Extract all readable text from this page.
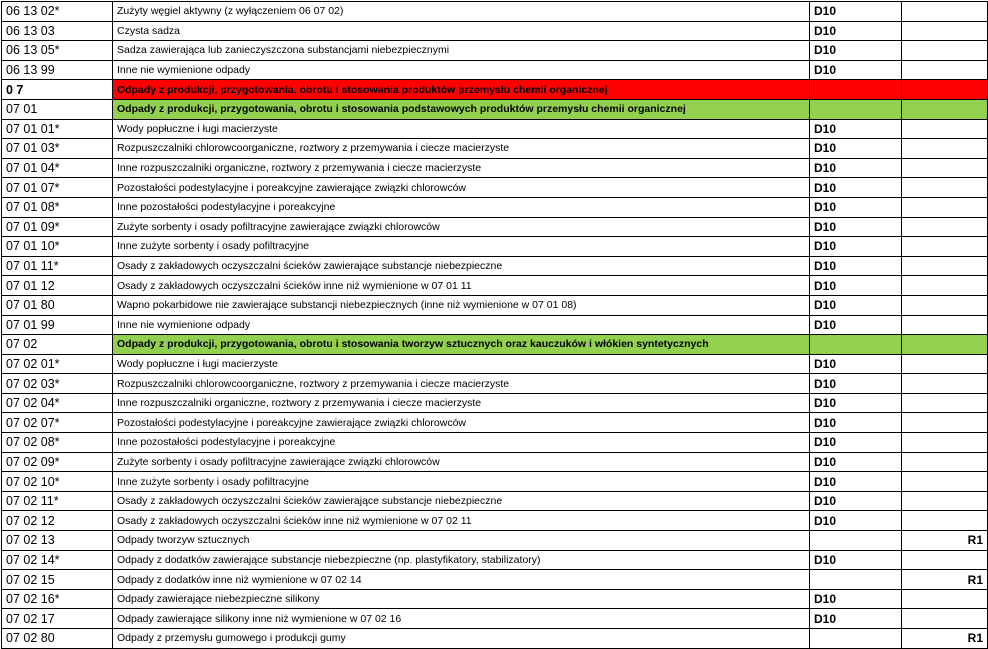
06 13 02*	Zużyty węgiel aktywny (z wyłączeniem 06 07 02)	D10	
06 13 03	Czysta sadza	D10	
06 13 05*	Sadza zawierająca lub zanieczyszczona substancjami niebezpiecznymi	D10	
06 13 99	Inne nie wymienione odpady	D10	
0 7	Odpady z produkcji, przygotowania, obrotu i stosowania produktów przemysłu chemii organicznej		
07 01	Odpady z produkcji, przygotowania, obrotu i stosowania podstawowych produktów przemysłu chemii organicznej		
07 01 01*	Wody popłuczne i ługi macierzyste	D10	
07 01 03*	Rozpuszczalniki chlorowcoorganiczne, roztwory z przemywania i ciecze macierzyste	D10	
07 01 04*	Inne rozpuszczalniki organiczne, roztwory z przemywania i ciecze macierzyste	D10	
07 01 07*	Pozostałości podestylacyjne i poreakcyjne zawierające związki chlorowców	D10	
07 01 08*	Inne pozostałości podestylacyjne i poreakcyjne	D10	
07 01 09*	Zużyte sorbenty i osady pofiltracyjne zawierające związki chlorowców	D10	
07 01 10*	Inne zużyte sorbenty i osady pofiltracyjne	D10	
07 01 11*	Osady z zakładowych oczyszczalni ścieków zawierające substancje niebezpieczne	D10	
07 01 12	Osady z zakładowych oczyszczalni ścieków inne niż wymienione w 07 01 11	D10	
07 01 80	Wapno pokarbidowe nie zawierające substancji niebezpiecznych (inne niż wymienione w 07 01 08)	D10	
07 01 99	Inne nie wymienione odpady	D10	
07 02	Odpady z produkcji, przygotowania, obrotu i stosowania tworzyw sztucznych oraz kauczuków i włókien syntetycznych		
07 02 01*	Wody popłuczne i ługi macierzyste	D10	
07 02 03*	Rozpuszczalniki chlorowcoorganiczne, roztwory z przemywania i ciecze macierzyste	D10	
07 02 04*	Inne rozpuszczalniki organiczne, roztwory z przemywania i ciecze macierzyste	D10	
07 02 07*	Pozostałości podestylacyjne i poreakcyjne zawierające związki chlorowców	D10	
07 02 08*	Inne pozostałości podestylacyjne i poreakcyjne	D10	
07 02 09*	Zużyte sorbenty i osady pofiltracyjne zawierające związki chlorowców	D10	
07 02 10*	Inne zużyte sorbenty i osady pofiltracyjne	D10	
07 02 11*	Osady z zakładowych oczyszczalni ścieków zawierające substancje niebezpieczne	D10	
07 02 12	Osady z zakładowych oczyszczalni ścieków inne niż wymienione w 07 02 11	D10	
07 02 13	Odpady tworzyw sztucznych		R1
07 02 14*	Odpady z dodatków zawierające substancje niebezpieczne (np. plastyfikatory, stabilizatory)	D10	
07 02 15	Odpady z dodatków inne niż wymienione w 07 02 14		R1
07 02 16*	Odpady zawierające niebezpieczne silikony	D10	
07 02 17	Odpady zawierające silikony inne niż wymienione w 07 02 16	D10	
07 02 80	Odpady z przemysłu gumowego i produkcji gumy		R1
